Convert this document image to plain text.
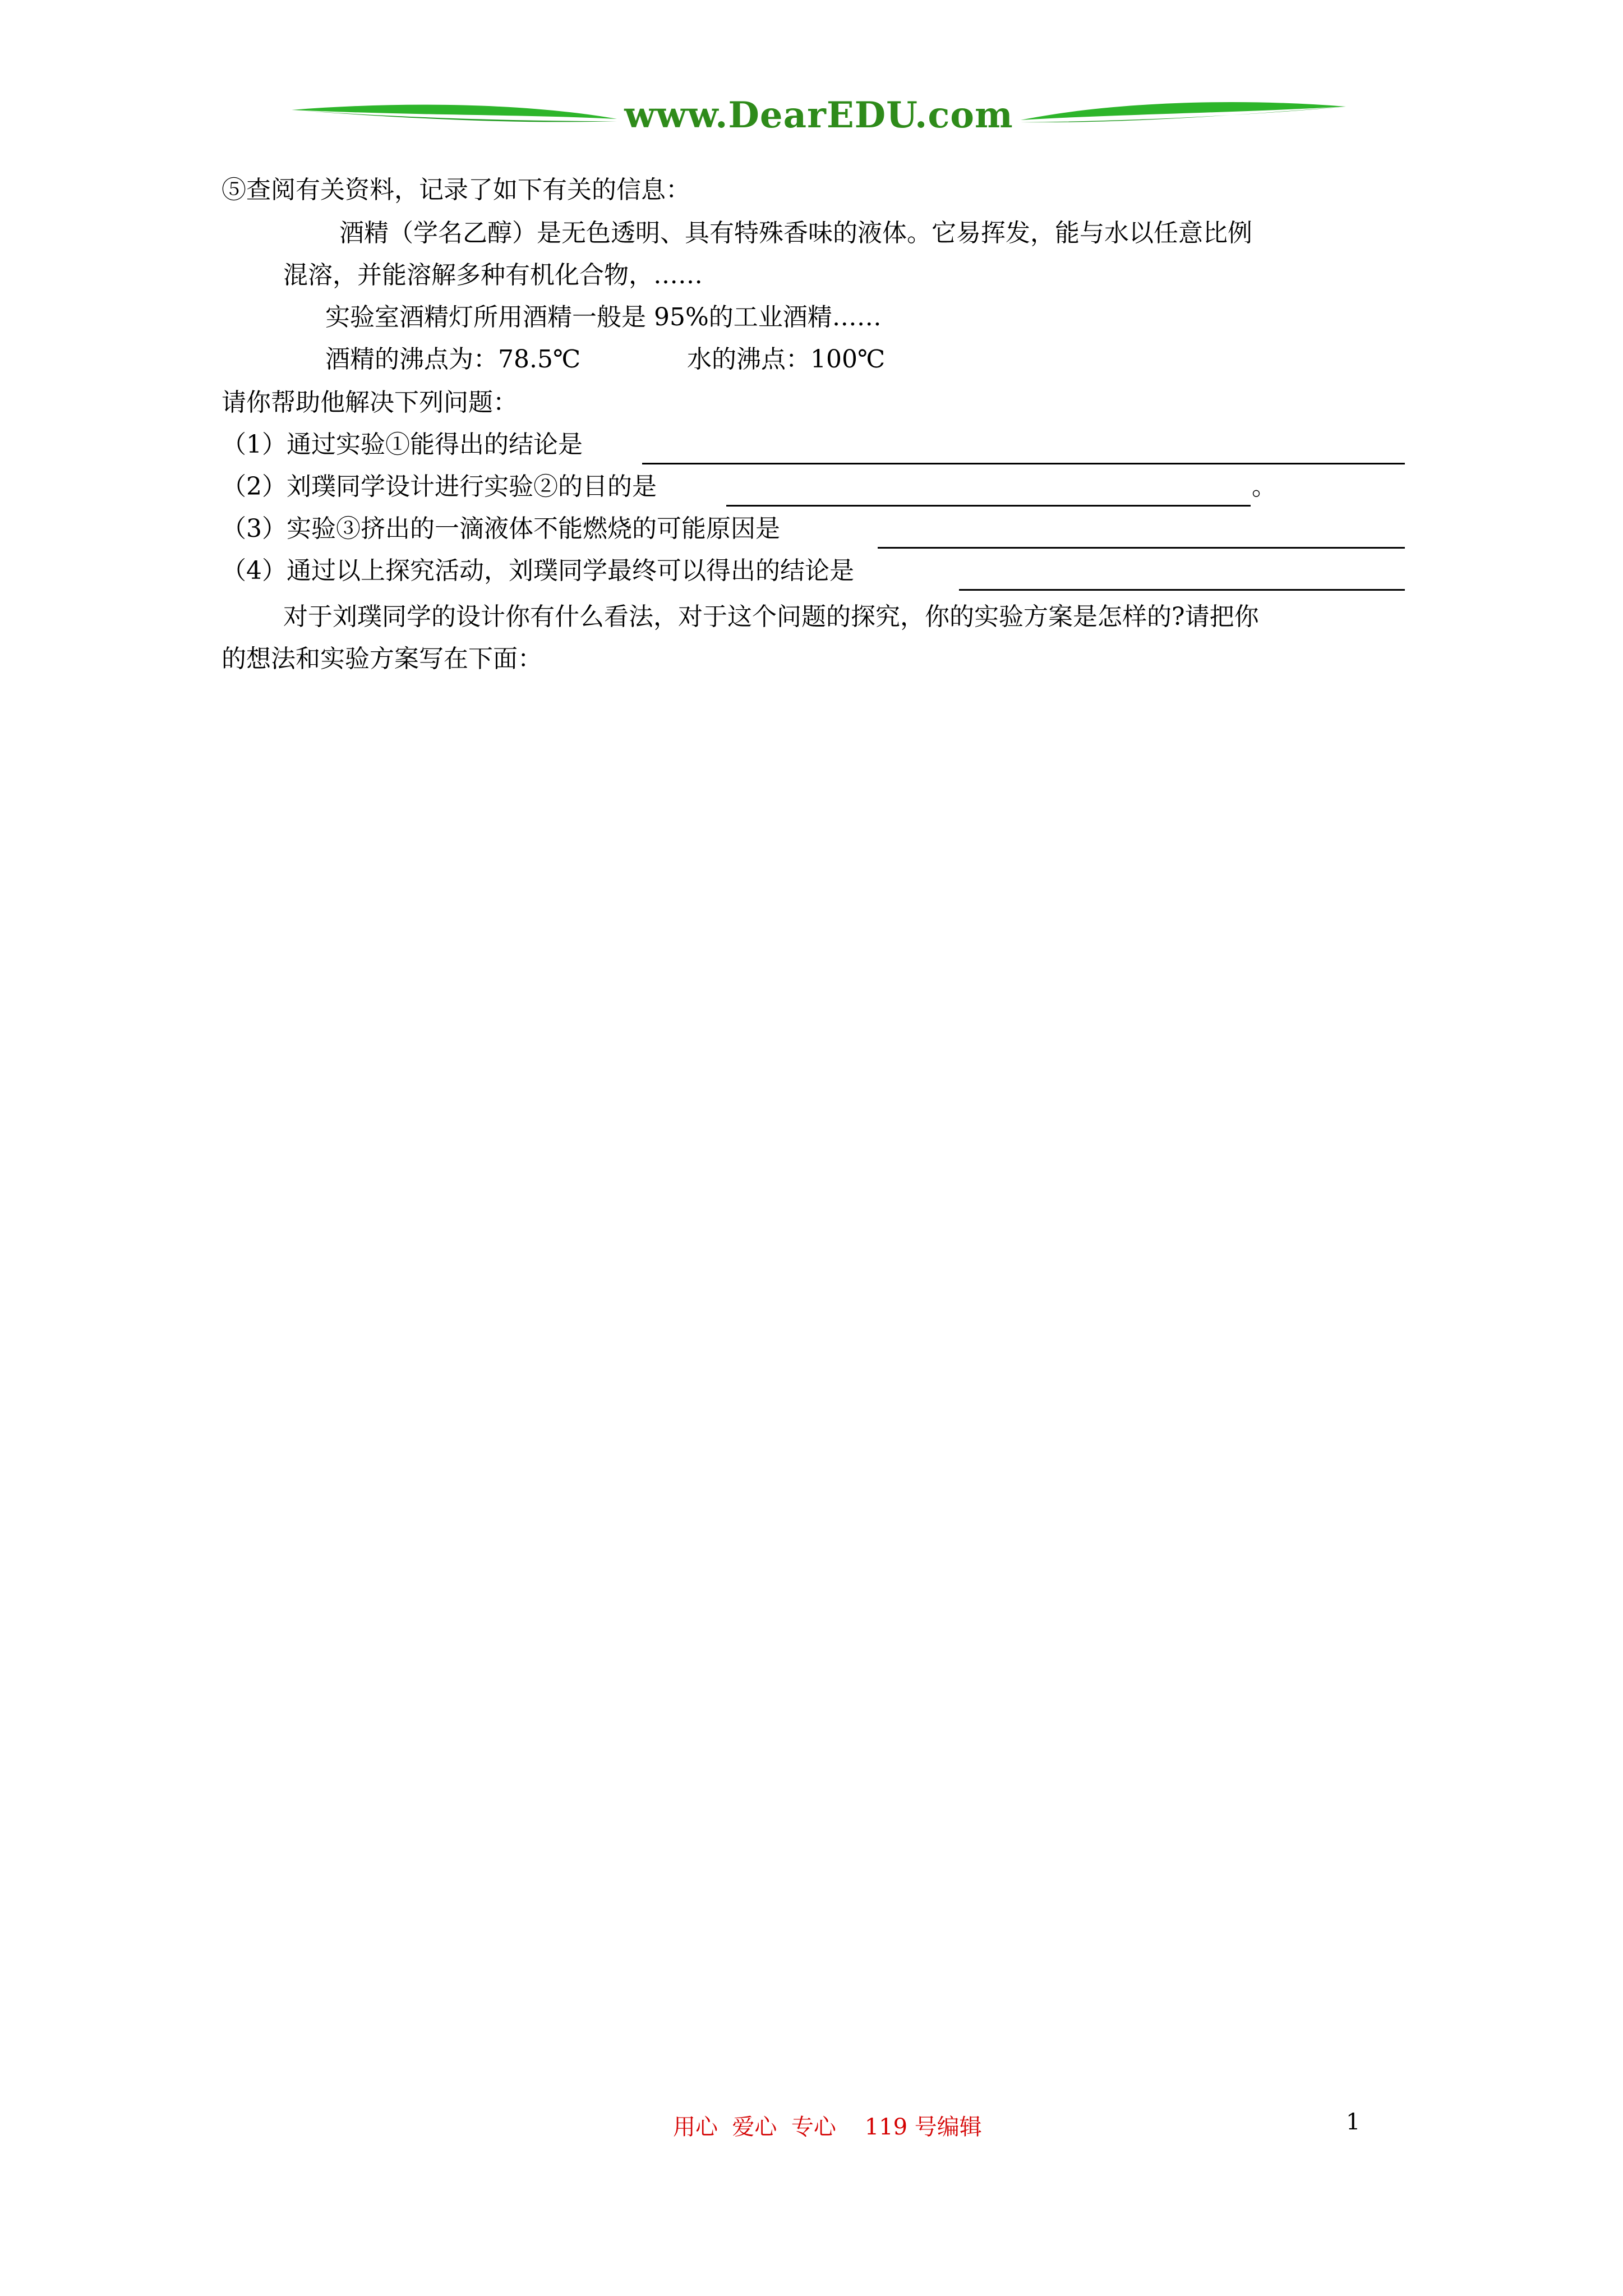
www.DearEDU.com
⑤查阅有关资料，记录了如下有关的信息：
酒精（学名乙醇）是无色透明、具有特殊香味的液体。它易挥发，能与水以任意比例
混溶，并能溶解多种有机化合物，……
实验室酒精灯所用酒精一般是 95%的工业酒精……
酒精的沸点为：78.5℃	水的沸点：100℃
请你帮助他解决下列问题：
（1）通过实验①能得出的结论是
（2）刘璞同学设计进行实验②的目的是	。
（3）实验③挤出的一滴液体不能燃烧的可能原因是
（4）通过以上探究活动，刘璞同学最终可以得出的结论是
对于刘璞同学的设计你有什么看法，对于这个问题的探究，你的实验方案是怎样的?请把你
的想法和实验方案写在下面：
用心  爱心  专心    119 号编辑	1
